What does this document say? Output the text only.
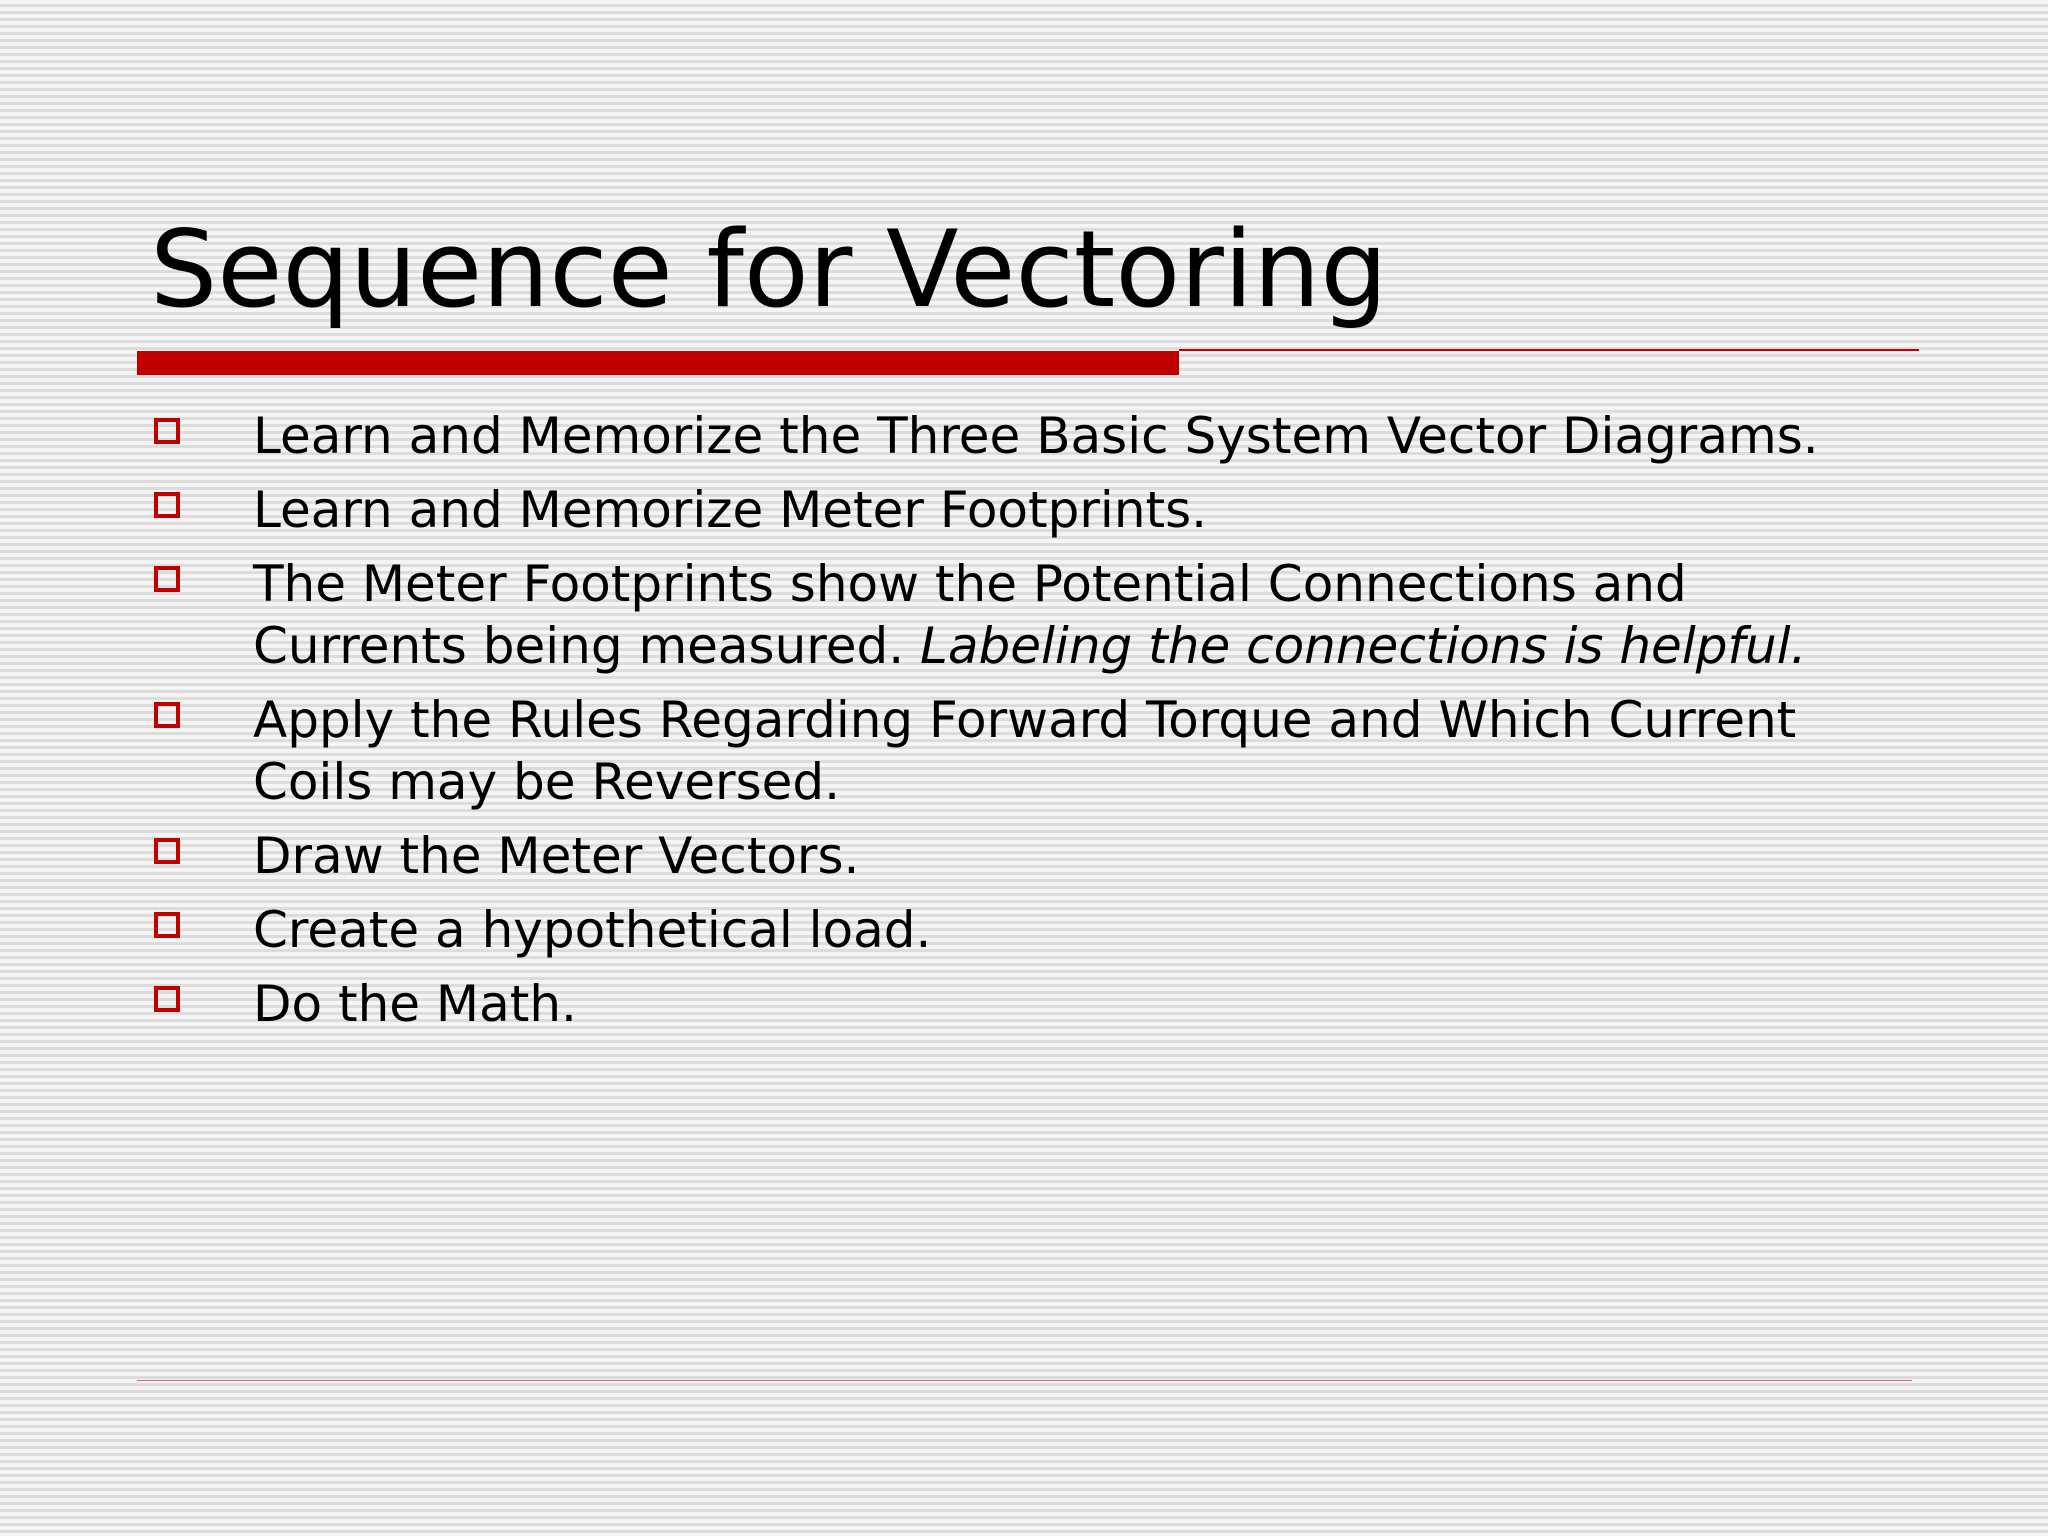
Sequence for Vectoring
Learn and Memorize the Three Basic System Vector Diagrams.
Learn and Memorize Meter Footprints.
The Meter Footprints show the Potential Connections and Currents being measured. Labeling the connections is helpful.
Apply the Rules Regarding Forward Torque and Which Current Coils may be Reversed.
Draw the Meter Vectors.
Create a hypothetical load.
Do the Math.
